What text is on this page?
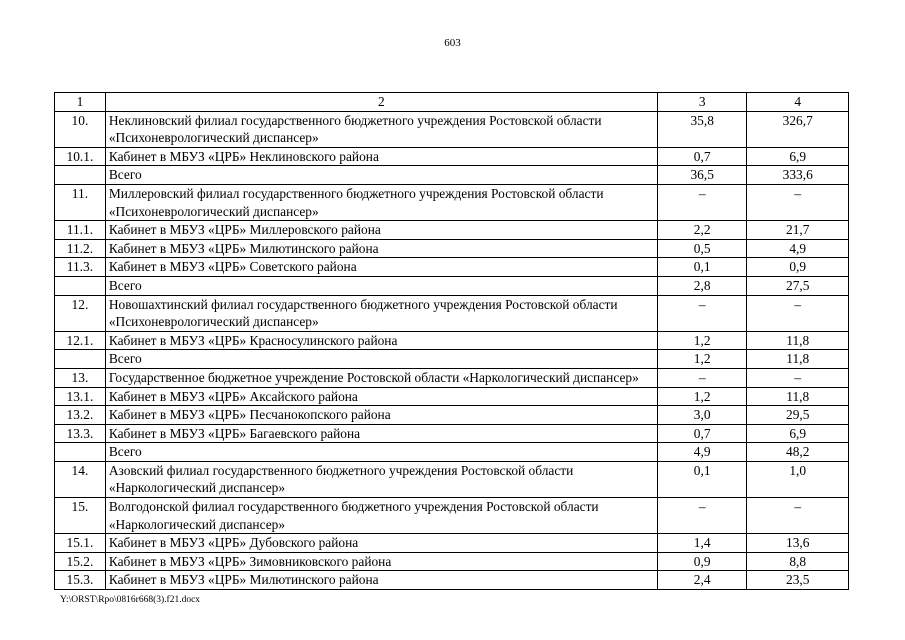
603
1	2	3	4
10.	Неклиновский филиал государственного бюджетного учреждения Ростовской области «Психоневрологический диспансер»	35,8	326,7
10.1.	Кабинет в МБУЗ «ЦРБ» Неклиновского района	0,7	6,9
	Всего	36,5	333,6
11.	Миллеровский филиал государственного бюджетного учреждения Ростовской области «Психоневрологический диспансер»	–	–
11.1.	Кабинет в МБУЗ «ЦРБ» Миллеровского района	2,2	21,7
11.2.	Кабинет в МБУЗ «ЦРБ» Милютинского района	0,5	4,9
11.3.	Кабинет в МБУЗ «ЦРБ» Советского района	0,1	0,9
	Всего	2,8	27,5
12.	Новошахтинский филиал государственного бюджетного учреждения Ростовской области «Психоневрологический диспансер»	–	–
12.1.	Кабинет в МБУЗ «ЦРБ» Красносулинского района	1,2	11,8
	Всего	1,2	11,8
13.	Государственное бюджетное учреждение Ростовской области «Наркологический диспансер»	–	–
13.1.	Кабинет в МБУЗ «ЦРБ» Аксайского района	1,2	11,8
13.2.	Кабинет в МБУЗ «ЦРБ» Песчанокопского района	3,0	29,5
13.3.	Кабинет в МБУЗ «ЦРБ» Багаевского района	0,7	6,9
	Всего	4,9	48,2
14.	Азовский филиал государственного бюджетного учреждения Ростовской области «Наркологический диспансер»	0,1	1,0
15.	Волгодонской филиал государственного бюджетного учреждения Ростовской области «Наркологический диспансер»	–	–
15.1.	Кабинет в МБУЗ «ЦРБ» Дубовского района	1,4	13,6
15.2.	Кабинет в МБУЗ «ЦРБ» Зимовниковского района	0,9	8,8
15.3.	Кабинет в МБУЗ «ЦРБ» Милютинского района	2,4	23,5
Y:\ORST\Rpo\0816r668(3).f21.docx
